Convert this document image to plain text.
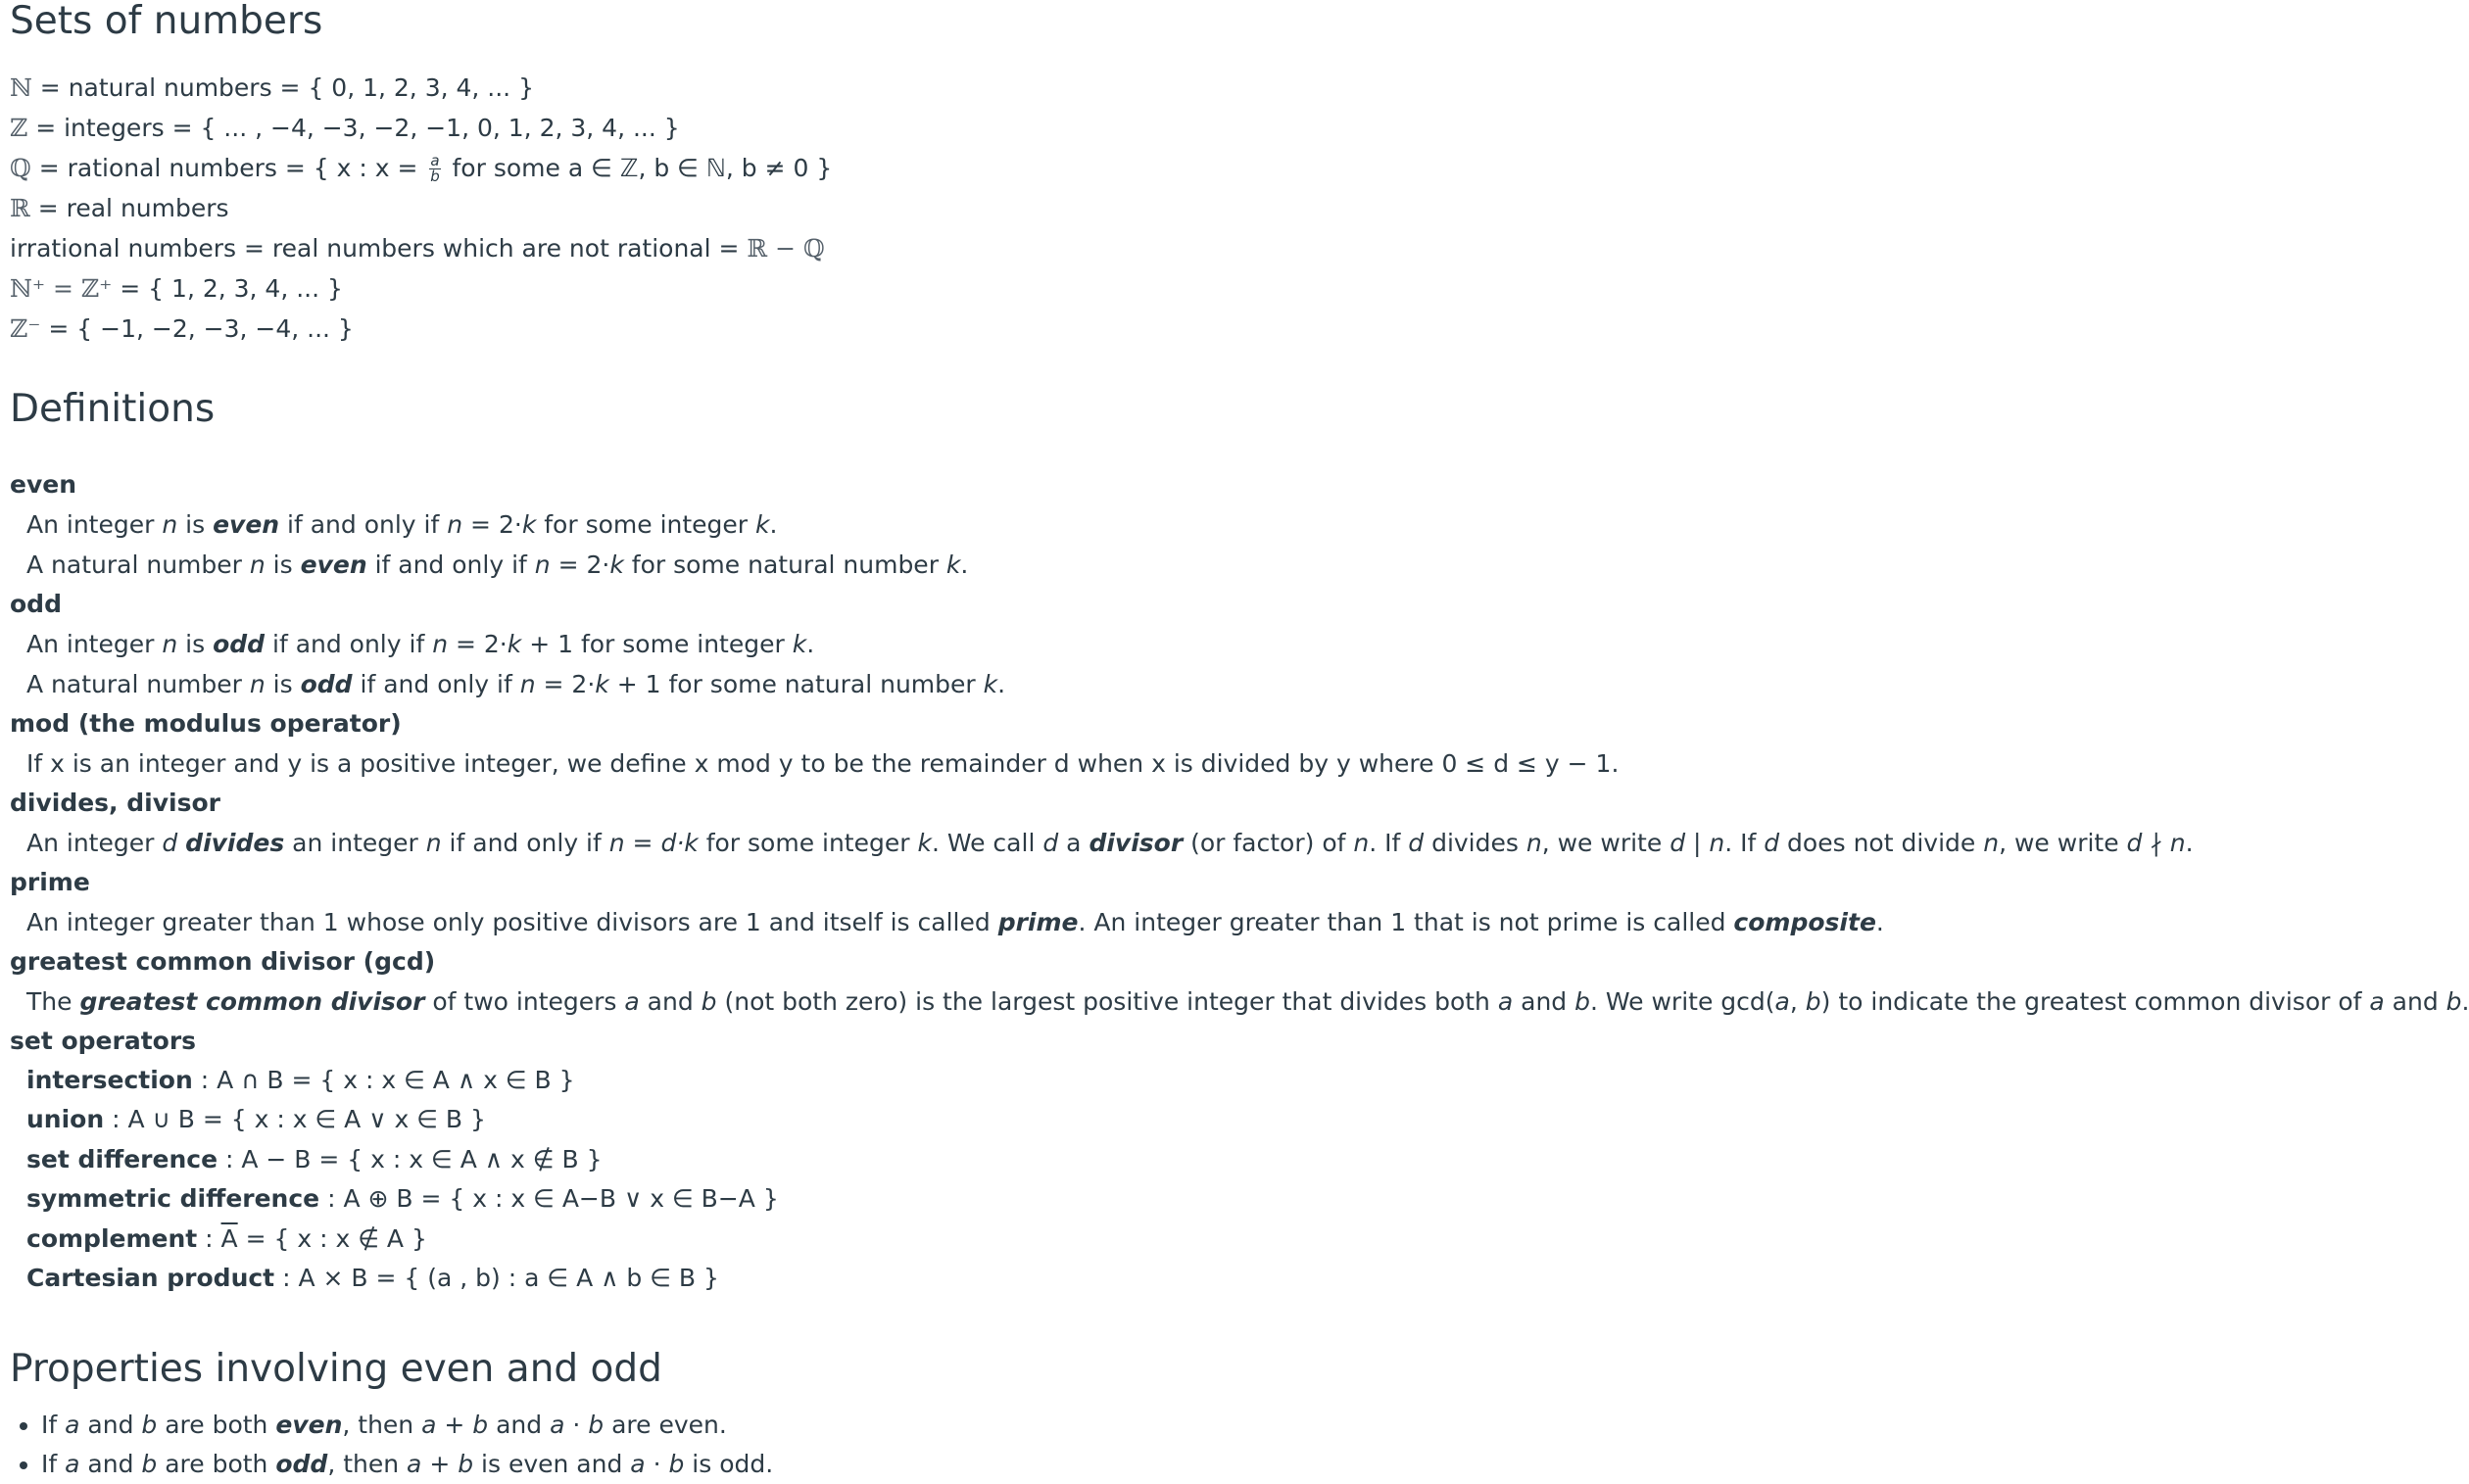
Sets of numbers
ℕ = natural numbers = { 0, 1, 2, 3, 4, ... }
ℤ = integers = { ... , −4, −3, −2, −1, 0, 1, 2, 3, 4, ... }
ℚ = rational numbers = { x : $x = \frac{a}{b}$ for some a ∈ ℤ, b ∈ ℕ, b ≠ 0 }
ℝ = real numbers
irrational numbers = real numbers which are not rational = ℝ − ℚ
ℕ⁺ = ℤ⁺ = { 1, 2, 3, 4, ... }
ℤ⁻ = { −1, −2, −3, −4, ... }
Definitions
even
An integer n is even if and only if n = 2·k for some integer k.
A natural number n is even if and only if n = 2·k for some natural number k.
odd
An integer n is odd if and only if n = 2·k + 1 for some integer k.
A natural number n is odd if and only if n = 2·k + 1 for some natural number k.
mod (the modulus operator)
If x is an integer and y is a positive integer, we define x mod y to be the remainder d when x is divided by y where 0 ≤ d ≤ y − 1.
divides, divisor
An integer d divides an integer n if and only if n = d·k for some integer k. We call d a divisor (or factor) of n. If d divides n, we write d | n. If d does not divide n, we write d ∤ n.
prime
An integer greater than 1 whose only positive divisors are 1 and itself is called prime. An integer greater than 1 that is not prime is called composite.
greatest common divisor (gcd)
The greatest common divisor of two integers a and b (not both zero) is the largest positive integer that divides both a and b. We write gcd(a, b) to indicate the greatest common divisor of a and b.
set operators
intersection : A ∩ B = { x : x ∈ A ∧ x ∈ B }
union : A ∪ B = { x : x ∈ A ∨ x ∈ B }
set difference : A − B = { x : x ∈ A ∧ x ∉ B }
symmetric difference : A ⊕ B = { x : x ∈ A−B ∨ x ∈ B−A }
complement : $\overline{A}$ = { x : x ∉ A }
Cartesian product : A × B = { (a , b) : a ∈ A ∧ b ∈ B }
Properties involving even and odd
• If a and b are both even, then a + b and a · b are even.
• If a and b are both odd, then a + b is even and a · b is odd.
